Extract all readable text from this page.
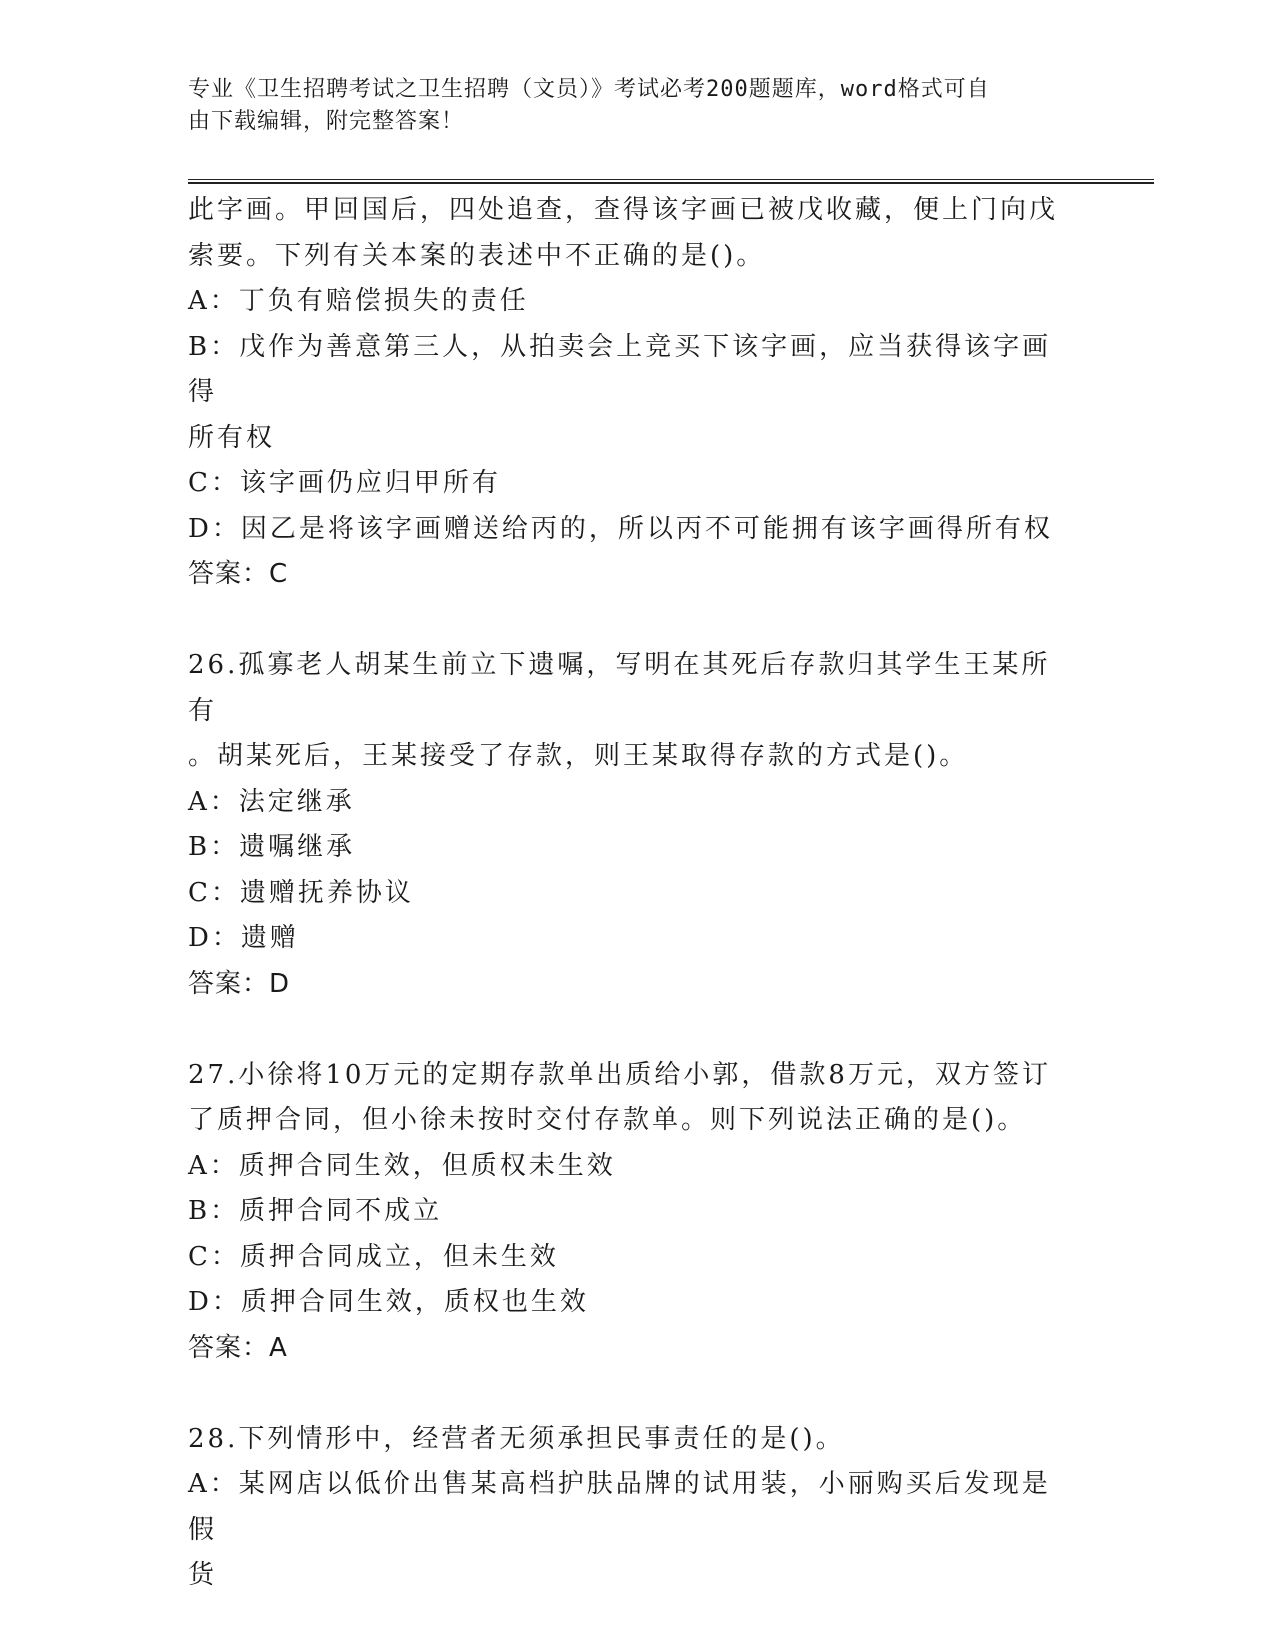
专业《卫生招聘考试之卫生招聘（文员）》考试必考200题题库，word格式可自
由下载编辑，附完整答案！
此字画。甲回国后，四处追查，查得该字画已被戊收藏，便上门向戊
索要。下列有关本案的表述中不正确的是()。
A：丁负有赔偿损失的责任
B：戊作为善意第三人，从拍卖会上竞买下该字画，应当获得该字画得
所有权
C：该字画仍应归甲所有
D：因乙是将该字画赠送给丙的，所以丙不可能拥有该字画得所有权
答案：C
26.孤寡老人胡某生前立下遗嘱，写明在其死后存款归其学生王某所有
。胡某死后，王某接受了存款，则王某取得存款的方式是()。
A：法定继承
B：遗嘱继承
C：遗赠抚养协议
D：遗赠
答案：D
27.小徐将10万元的定期存款单出质给小郭，借款8万元，双方签订
了质押合同，但小徐未按时交付存款单。则下列说法正确的是()。
A：质押合同生效，但质权未生效
B：质押合同不成立
C：质押合同成立，但未生效
D：质押合同生效，质权也生效
答案：A
28.下列情形中，经营者无须承担民事责任的是()。
A：某网店以低价出售某高档护肤品牌的试用装，小丽购买后发现是假
货
